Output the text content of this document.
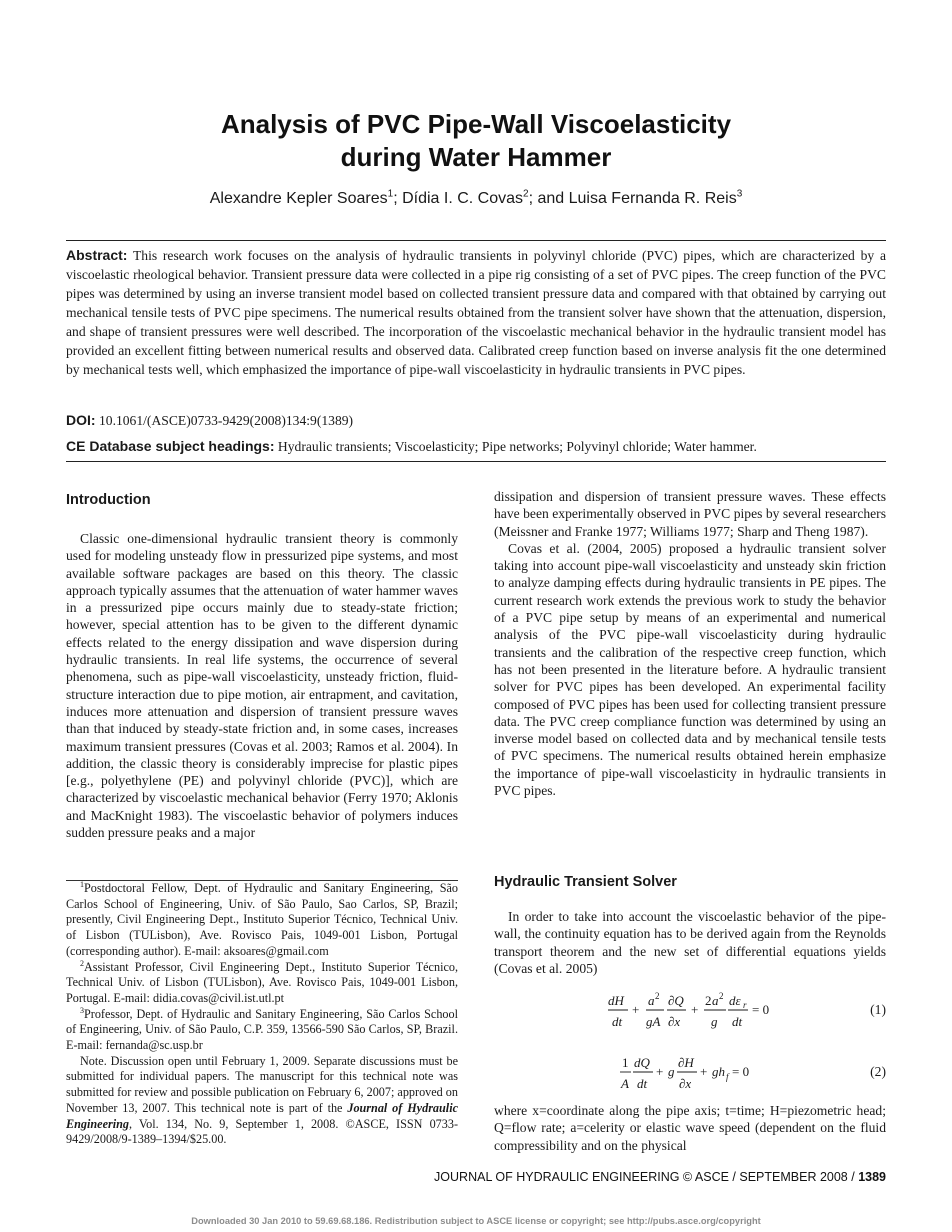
Analysis of PVC Pipe-Wall Viscoelasticity
during Water Hammer
Alexandre Kepler Soares$^1$; Dídia I. C. Covas$^2$; and Luisa Fernanda R. Reis$^3$
Abstract: This research work focuses on the analysis of hydraulic transients in polyvinyl chloride (PVC) pipes, which are characterized by a viscoelastic rheological behavior. Transient pressure data were collected in a pipe rig consisting of a set of PVC pipes. The creep function of the PVC pipes was determined by using an inverse transient model based on collected transient pressure data and compared with that obtained by carrying out mechanical tensile tests of PVC pipe specimens. The numerical results obtained from the transient solver have shown that the attenuation, dispersion, and shape of transient pressures were well described. The incorporation of the viscoelastic mechanical behavior in the hydraulic transient model has provided an excellent fitting between numerical results and observed data. Calibrated creep function based on inverse analysis fit the one determined by mechanical tests well, which emphasized the importance of pipe-wall viscoelasticity in hydraulic transients in PVC pipes.
DOI: 10.1061/(ASCE)0733-9429(2008)134:9(1389)
CE Database subject headings: Hydraulic transients; Viscoelasticity; Pipe networks; Polyvinyl chloride; Water hammer.
Introduction

Classic one-dimensional hydraulic transient theory is commonly used for modeling unsteady flow in pressurized pipe systems, and most available software packages are based on this theory. The classic approach typically assumes that the attenuation of water hammer waves in a pressurized pipe occurs mainly due to steady-state friction; however, special attention has to be given to the different dynamic effects related to the energy dissipation and wave dispersion during hydraulic transients. In real life systems, the occurrence of several phenomena, such as pipe-wall viscoelasticity, unsteady friction, fluid-structure interaction due to pipe motion, air entrapment, and cavitation, induces more attenuation and dispersion of transient pressure waves than that induced by steady-state friction and, in some cases, increases maximum transient pressures (Covas et al. 2003; Ramos et al. 2004). In addition, the classic theory is considerably imprecise for plastic pipes [e.g., polyethylene (PE) and polyvinyl chloride (PVC)], which are characterized by viscoelastic mechanical behavior (Ferry 1970; Aklonis and MacKnight 1983). The viscoelastic behavior of polymers induces sudden pressure peaks and a major

$^1$Postdoctoral Fellow, Dept. of Hydraulic and Sanitary Engineering, São Carlos School of Engineering, Univ. of São Paulo, Sao Carlos, SP, Brazil; presently, Civil Engineering Dept., Instituto Superior Técnico, Technical Univ. of Lisbon (TULisbon), Ave. Rovisco Pais, 1049-001 Lisbon, Portugal (corresponding author). E-mail: aksoares@gmail.com

$^2$Assistant Professor, Civil Engineering Dept., Instituto Superior Técnico, Technical Univ. of Lisbon (TULisbon), Ave. Rovisco Pais, 1049-001 Lisbon, Portugal. E-mail: didia.covas@civil.ist.utl.pt

$^3$Professor, Dept. of Hydraulic and Sanitary Engineering, São Carlos School of Engineering, Univ. of São Paulo, C.P. 359, 13566-590 São Carlos, SP, Brazil. E-mail: fernanda@sc.usp.br

Note. Discussion open until February 1, 2009. Separate discussions must be submitted for individual papers. The manuscript for this technical note was submitted for review and possible publication on February 6, 2007; approved on November 13, 2007. This technical note is part of the Journal of Hydraulic Engineering, Vol. 134, No. 9, September 1, 2008. ©ASCE, ISSN 0733-9429/2008/9-1389–1394/$25.00.

dissipation and dispersion of transient pressure waves. These effects have been experimentally observed in PVC pipes by several researchers (Meissner and Franke 1977; Williams 1977; Sharp and Theng 1987).

Covas et al. (2004, 2005) proposed a hydraulic transient solver taking into account pipe-wall viscoelasticity and unsteady skin friction to analyze damping effects during hydraulic transients in PE pipes. The current research work extends the previous work to study the behavior of a PVC pipe setup by means of an experimental and numerical analysis of the PVC pipe-wall viscoelasticity during hydraulic transients and the calibration of the respective creep function, which has not been presented in the literature before. A hydraulic transient solver for PVC pipes has been developed. An experimental facility composed of PVC pipes has been used for collecting transient pressure data. The PVC creep compliance function was determined by using an inverse model based on collected data and by mechanical tensile tests of PVC specimens. The numerical results obtained herein emphasize the importance of pipe-wall viscoelasticity in hydraulic transients in PVC pipes.

Hydraulic Transient Solver

In order to take into account the viscoelastic behavior of the pipe-wall, the continuity equation has to be derived again from the Reynolds transport theorem and the new set of differential equations yields (Covas et al. 2005)

dH
dt
+
a 2
gA
∂Q
∂x
+
2 a 2
g
dε r
dt
= 0	(1)
1
A
dQ
dt
+ g
∂H
∂x
+ gh f = 0	(2)

where x=coordinate along the pipe axis; t=time; H=piezometric head; Q=flow rate; a=celerity or elastic wave speed (dependent on the fluid compressibility and on the physical

JOURNAL OF HYDRAULIC ENGINEERING © ASCE / SEPTEMBER 2008 / 1389
Downloaded 30 Jan 2010 to 59.69.68.186. Redistribution subject to ASCE license or copyright; see http://pubs.asce.org/copyright
